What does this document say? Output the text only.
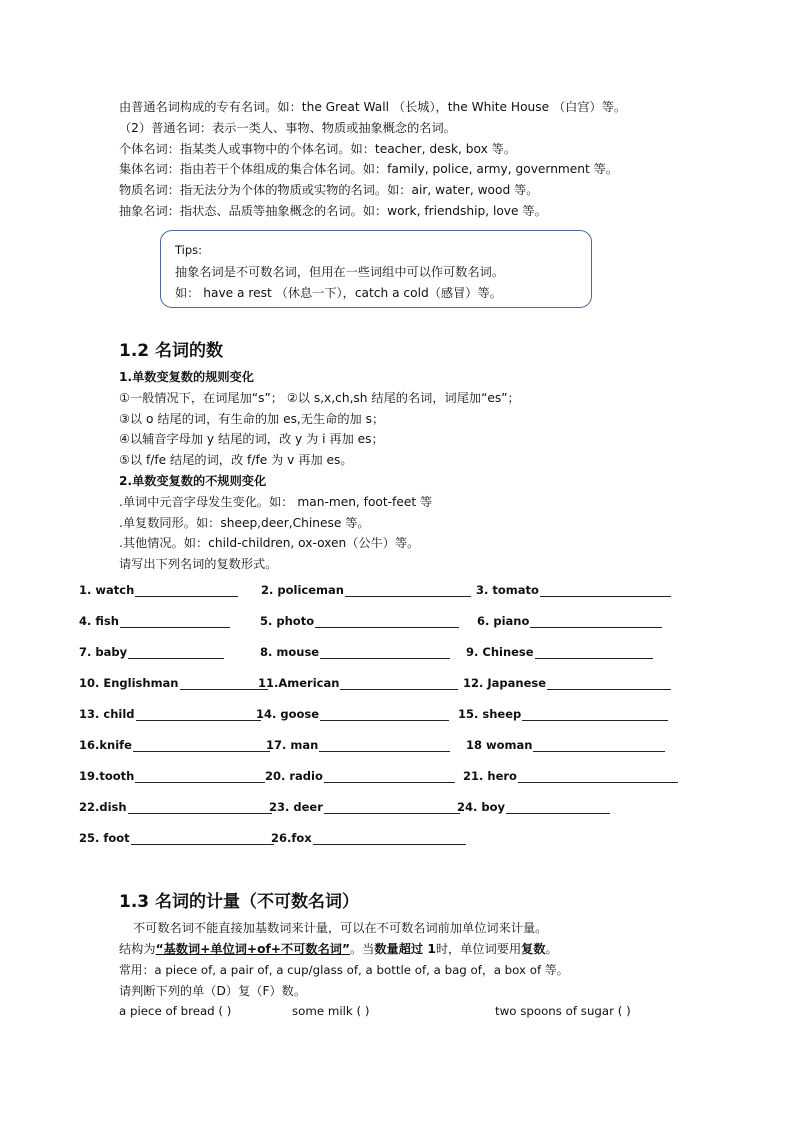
由普通名词构成的专有名词。如：the Great Wall （长城），the White House （白宫）等。
（2）普通名词：表示一类人、事物、物质或抽象概念的名词。
个体名词：指某类人或事物中的个体名词。如：teacher, desk, box 等。
集体名词：指由若干个体组成的集合体名词。如：family, police, army, government 等。
物质名词：指无法分为个体的物质或实物的名词。如：air, water, wood 等。
抽象名词：指状态、品质等抽象概念的名词。如：work, friendship, love 等。
Tips:
抽象名词是不可数名词，但用在一些词组中可以作可数名词。
如： have a rest （休息一下），catch a cold（感冒）等。
1.2 名词的数
1.单数变复数的规则变化
①一般情况下，在词尾加“s”； ②以 s,x,ch,sh 结尾的名词，词尾加“es”；
③以 o 结尾的词，有生命的加 es,无生命的加 s；
④以辅音字母加 y 结尾的词，改 y 为 i 再加 es；
⑤以 f/fe 结尾的词，改 f/fe 为 v 再加 es。
2.单数变复数的不规则变化
.单词中元音字母发生变化。如： man-men, foot-feet 等
.单复数同形。如：sheep,deer,Chinese 等。
.其他情况。如：child-children, ox-oxen（公牛）等。
请写出下列名词的复数形式。
1. watch	2. policeman	3. tomato
4. fish	5. photo	6. piano
7. baby	8. mouse	9. Chinese
10. Englishman	11.American	12. Japanese
13. child	14. goose	15. sheep
16.knife	17. man	18 woman
19.tooth	20. radio	21. hero
22.dish	23. deer	24. boy
25. foot	26.fox
1.3 名词的计量（不可数名词）
不可数名词不能直接加基数词来计量，可以在不可数名词前加单位词来计量。
结构为“基数词+单位词+of+不可数名词”。当数量超过 1时，单位词要用复数。
常用：a piece of, a pair of, a cup/glass of, a bottle of, a bag of，a box of 等。
请判断下列的单（D）复（F）数。
a piece of bread ( )	some milk ( )	two spoons of sugar ( )
